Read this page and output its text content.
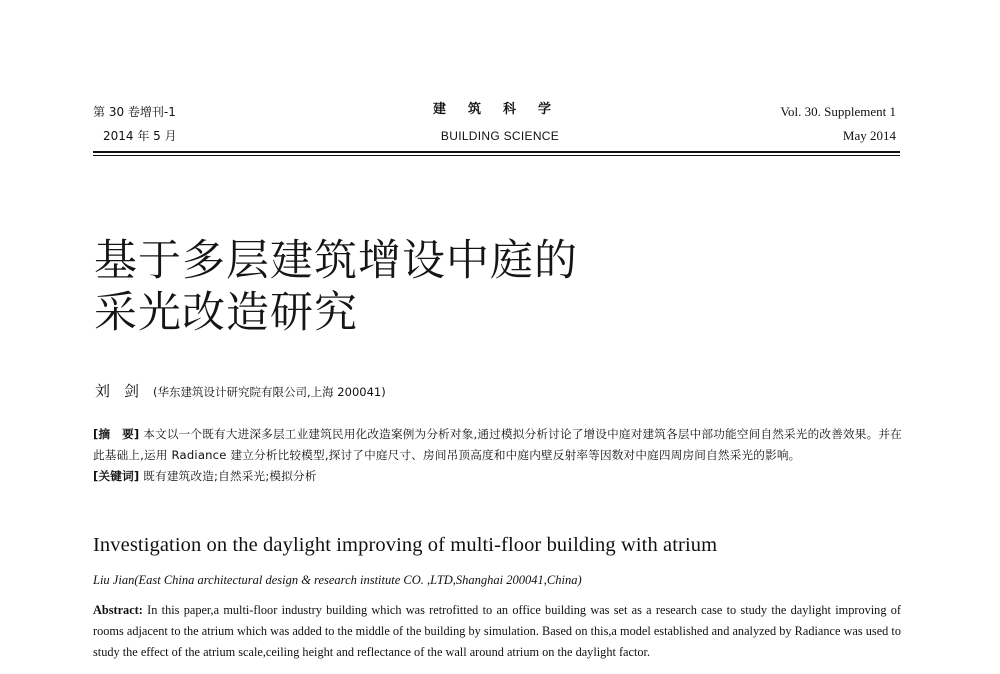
第 30 卷增刊-1
2014 年 5 月
建筑科学
BUILDING SCIENCE
Vol. 30. Supplement 1
May 2014
基于多层建筑增设中庭的
采光改造研究
刘剑(华东建筑设计研究院有限公司,上海 200041)

[摘　要] 本文以一个既有大进深多层工业建筑民用化改造案例为分析对象,通过模拟分析讨论了增设中庭对建筑各层中部功能空间自然采光的改善效果。并在此基础上,运用 Radiance 建立分析比较模型,探讨了中庭尺寸、房间吊顶高度和中庭内壁反射率等因数对中庭四周房间自然采光的影响。

[关键词] 既有建筑改造;自然采光;模拟分析

Investigation on the daylight improving of multi-floor building with atrium
Liu Jian(East China architectural design & research institute CO. ,LTD,Shanghai 200041,China)
Abstract: In this paper,a multi-floor industry building which was retrofitted to an office building was set as a research case to study the daylight improving of rooms adjacent to the atrium which was added to the middle of the building by simulation. Based on this,a model established and analyzed by Radiance was used to study the effect of the atrium scale,ceiling height and reflectance of the wall around atrium on the daylight factor.
